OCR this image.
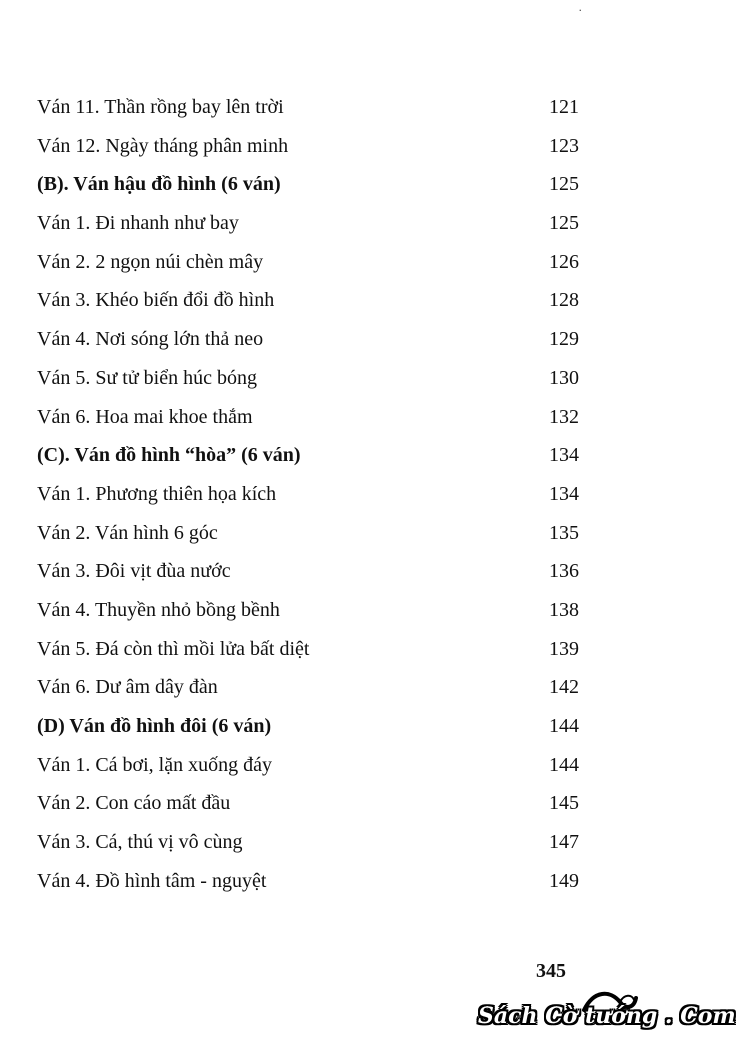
·
Ván 11. Thần rồng bay lên trời	121
Ván 12. Ngày tháng phân minh	123
(B). Ván hậu đồ hình (6 ván)	125
Ván 1. Đi nhanh như bay	125
Ván 2. 2 ngọn núi chèn mây	126
Ván 3. Khéo biến đổi đồ hình	128
Ván 4. Nơi sóng lớn thả neo	129
Ván 5. Sư tử biển húc bóng	130
Ván 6. Hoa mai khoe thắm	132
(C). Ván đồ hình “hòa” (6 ván)	134
Ván 1. Phương thiên họa kích	134
Ván 2. Ván hình 6 góc	135
Ván 3. Đôi vịt đùa nước	136
Ván 4. Thuyền nhỏ bồng bềnh	138
Ván 5. Đá còn thì mồi lửa bất diệt	139
Ván 6. Dư âm dây đàn	142
(D) Ván đồ hình đôi (6 ván)	144
Ván 1. Cá bơi, lặn xuống đáy	144
Ván 2. Con cáo mất đầu	145
Ván 3. Cá, thú vị vô cùng	147
Ván 4. Đồ hình tâm - nguyệt	149
345
Sách Cờ tướng . Com
